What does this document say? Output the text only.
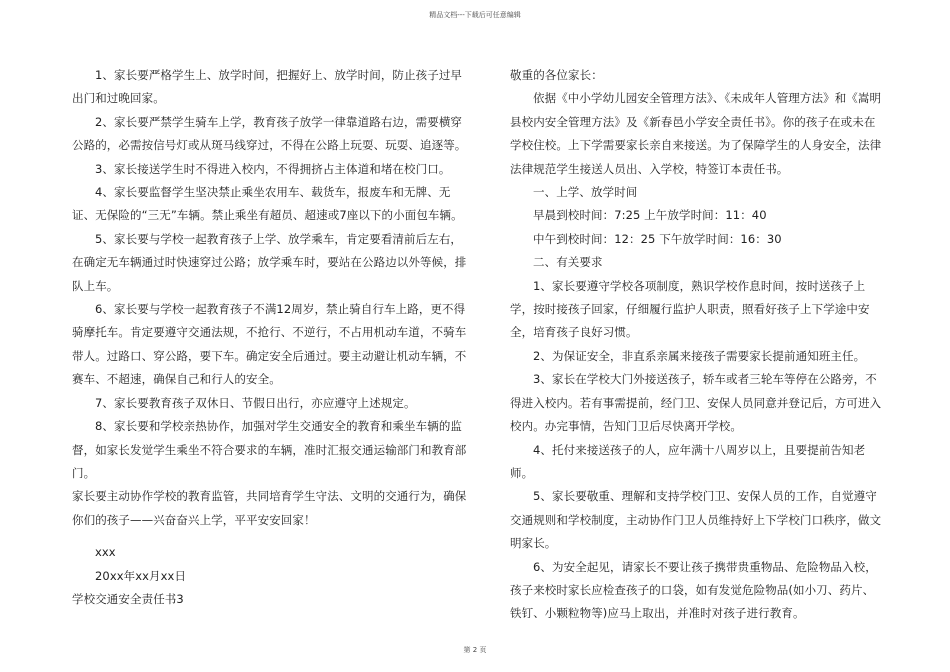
精品文档---下载后可任意编辑

1、家长要严格学生上、放学时间，把握好上、放学时间，防止孩子过早出门和过晚回家。

2、家长要严禁学生骑车上学，教育孩子放学一律靠道路右边，需要横穿公路的，必需按信号灯或从斑马线穿过，不得在公路上玩耍、玩耍、追逐等。

3、家长接送学生时不得进入校内，不得拥挤占主体道和堵在校门口。

4、家长要监督学生坚决禁止乘坐农用车、载货车，报废车和无牌、无证、无保险的“三无”车辆。禁止乘坐有超员、超速或7座以下的小面包车辆。

5、家长要与学校一起教育孩子上学、放学乘车，肯定要看清前后左右，在确定无车辆通过时快速穿过公路；放学乘车时，要站在公路边以外等候，排队上车。

6、家长要与学校一起教育孩子不满12周岁，禁止骑自行车上路，更不得骑摩托车。肯定要遵守交通法规，不抢行、不逆行，不占用机动车道，不骑车带人。过路口、穿公路，要下车。确定安全后通过。要主动避让机动车辆，不赛车、不超速，确保自己和行人的安全。

7、家长要教育孩子双休日、节假日出行，亦应遵守上述规定。

8、家长要和学校亲热协作，加强对学生交通安全的教育和乘坐车辆的监督，如家长发觉学生乘坐不符合要求的车辆，准时汇报交通运输部门和教育部门。

家长要主动协作学校的教育监管，共同培育学生守法、文明的交通行为，确保你们的孩子——兴奋奋兴上学，平平安安回家！

xxx

20xx年xx月xx日

学校交通安全责任书3

敬重的各位家长：

依据《中小学幼儿园安全管理方法》、《未成年人管理方法》和《嵩明县校内安全管理方法》及《新春邑小学安全责任书》。你的孩子在或未在学校住校。上下学需要家长亲自来接送。为了保障学生的人身安全，法律法律规范学生接送人员出、入学校，特签订本责任书。

一、上学、放学时间

早晨到校时间：7:25 上午放学时间：11：40

中午到校时间：12：25 下午放学时间：16：30

二、有关要求

1、家长要遵守学校各项制度，熟识学校作息时间，按时送孩子上学，按时接孩子回家，仔细履行监护人职责，照看好孩子上下学途中安全，培育孩子良好习惯。

2、为保证安全，非直系亲属来接孩子需要家长提前通知班主任。

3、家长在学校大门外接送孩子，轿车或者三轮车等停在公路旁，不得进入校内。若有事需提前，经门卫、安保人员同意并登记后，方可进入校内。办完事情，告知门卫后尽快离开学校。

4、托付来接送孩子的人，应年满十八周岁以上，且要提前告知老师。

5、家长要敬重、理解和支持学校门卫、安保人员的工作，自觉遵守交通规则和学校制度，主动协作门卫人员维持好上下学校门口秩序，做文明家长。

6、为安全起见，请家长不要让孩子携带贵重物品、危险物品入校，孩子来校时家长应检查孩子的口袋，如有发觉危险物品(如小刀、药片、铁钉、小颗粒物等)应马上取出，并准时对孩子进行教育。

第 2 页
